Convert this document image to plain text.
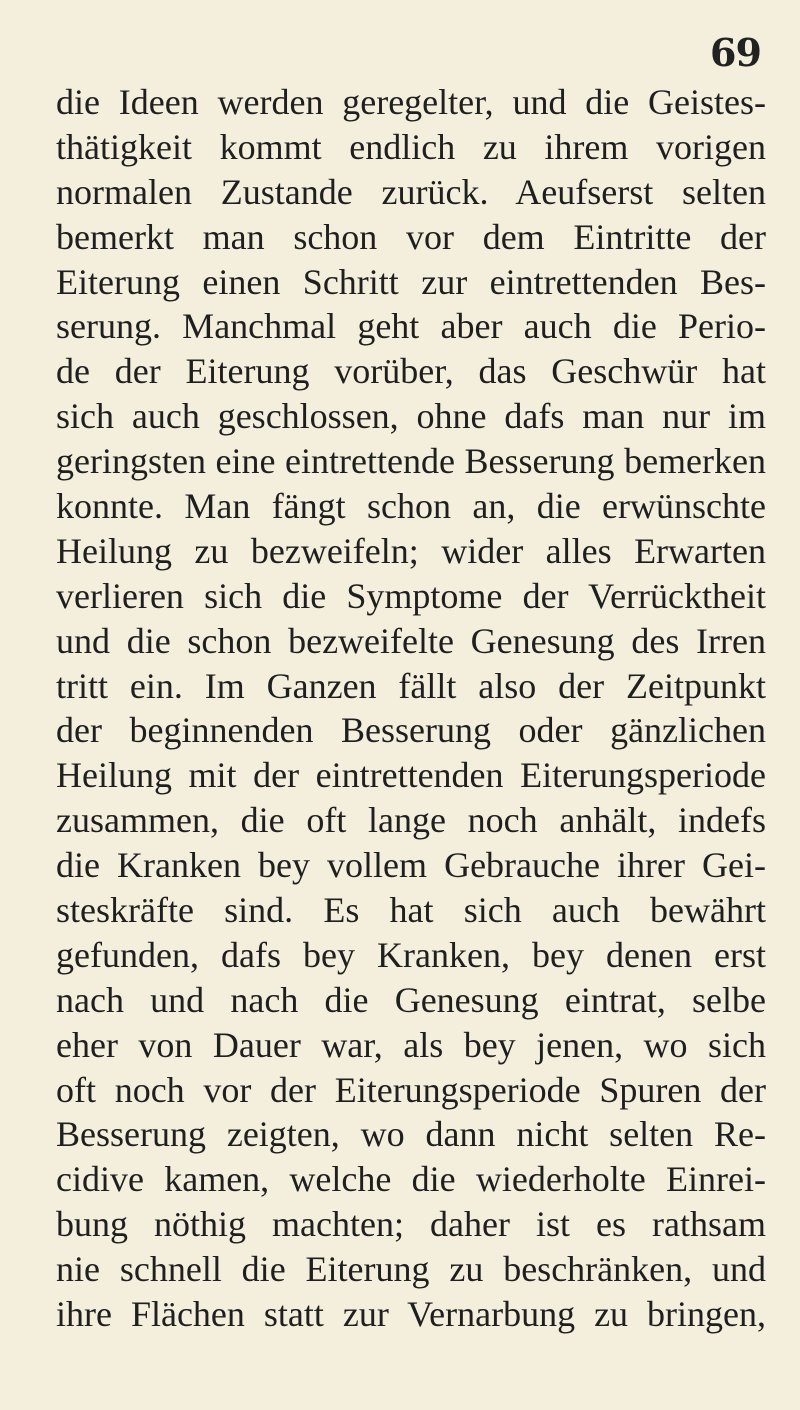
69
die Ideen werden geregelter, und die Geistes-
thätigkeit kommt endlich zu ihrem vorigen
normalen Zustande zurück. Aeufserst selten
bemerkt man schon vor dem Eintritte der
Eiterung einen Schritt zur eintrettenden Bes-
serung. Manchmal geht aber auch die Perio-
de der Eiterung vorüber, das Geschwür hat
sich auch geschlossen, ohne dafs man nur im
geringsten eine eintrettende Besserung bemerken
konnte. Man fängt schon an, die erwünschte
Heilung zu bezweifeln; wider alles Erwarten
verlieren sich die Symptome der Verrücktheit
und die schon bezweifelte Genesung des Irren
tritt ein. Im Ganzen fällt also der Zeitpunkt
der beginnenden Besserung oder gänzlichen
Heilung mit der eintrettenden Eiterungsperiode
zusammen, die oft lange noch anhält, indefs
die Kranken bey vollem Gebrauche ihrer Gei-
steskräfte sind. Es hat sich auch bewährt
gefunden, dafs bey Kranken, bey denen erst
nach und nach die Genesung eintrat, selbe
eher von Dauer war, als bey jenen, wo sich
oft noch vor der Eiterungsperiode Spuren der
Besserung zeigten, wo dann nicht selten Re-
cidive kamen, welche die wiederholte Einrei-
bung nöthig machten; daher ist es rathsam
nie schnell die Eiterung zu beschränken, und
ihre Flächen statt zur Vernarbung zu bringen,
